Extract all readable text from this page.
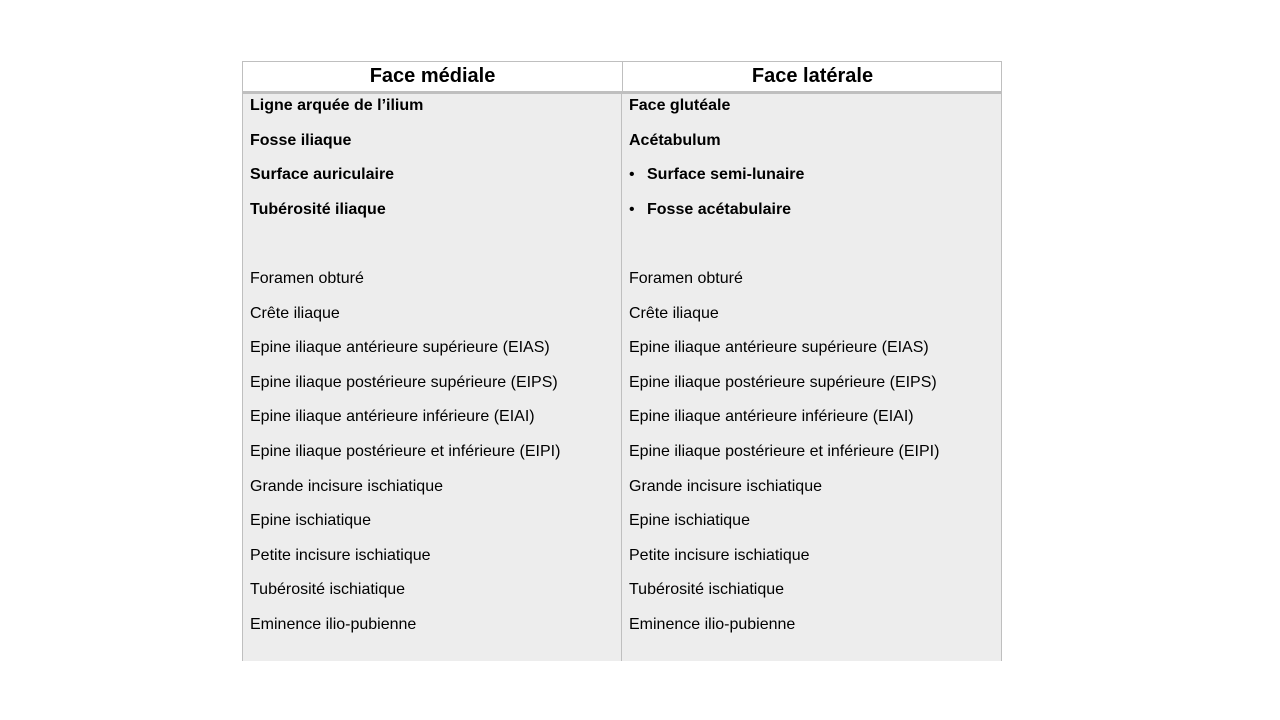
Face médiale	Face latérale
Ligne arquée de l’ilium
Fosse iliaque
Surface auriculaire
Tubérosité iliaque
Foramen obturé
Crête iliaque
Epine iliaque antérieure supérieure (EIAS)
Epine iliaque postérieure supérieure (EIPS)
Epine iliaque antérieure inférieure (EIAI)
Epine iliaque postérieure et inférieure (EIPI)
Grande incisure ischiatique
Epine ischiatique
Petite incisure ischiatique
Tubérosité ischiatique
Eminence ilio-pubienne
Face glutéale
Acétabulum
• Surface semi-lunaire
• Fosse acétabulaire
Foramen obturé
Crête iliaque
Epine iliaque antérieure supérieure (EIAS)
Epine iliaque postérieure supérieure (EIPS)
Epine iliaque antérieure inférieure (EIAI)
Epine iliaque postérieure et inférieure (EIPI)
Grande incisure ischiatique
Epine ischiatique
Petite incisure ischiatique
Tubérosité ischiatique
Eminence ilio-pubienne
